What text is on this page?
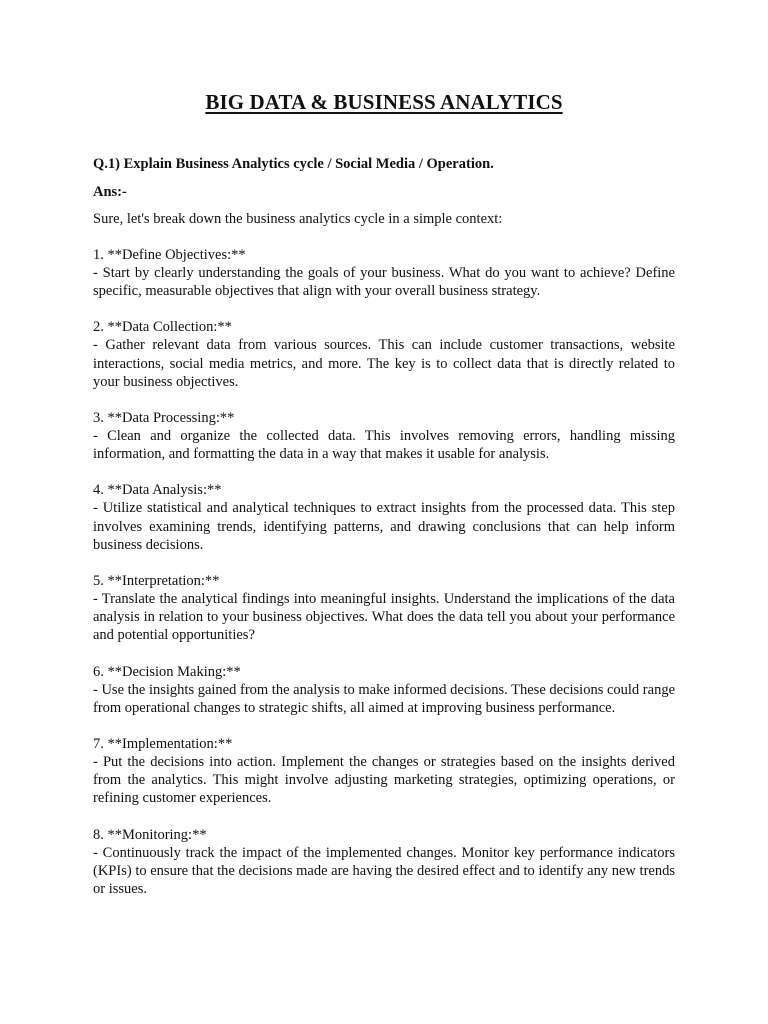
BIG DATA & BUSINESS ANALYTICS
Q.1) Explain Business Analytics cycle / Social Media / Operation.
Ans:-
Sure, let's break down the business analytics cycle in a simple context:
1. **Define Objectives:**
- Start by clearly understanding the goals of your business. What do you want to achieve? Define specific, measurable objectives that align with your overall business strategy.
2. **Data Collection:**
- Gather relevant data from various sources. This can include customer transactions, website interactions, social media metrics, and more. The key is to collect data that is directly related to your business objectives.
3. **Data Processing:**
- Clean and organize the collected data. This involves removing errors, handling missing information, and formatting the data in a way that makes it usable for analysis.
4. **Data Analysis:**
- Utilize statistical and analytical techniques to extract insights from the processed data. This step involves examining trends, identifying patterns, and drawing conclusions that can help inform business decisions.
5. **Interpretation:**
- Translate the analytical findings into meaningful insights. Understand the implications of the data analysis in relation to your business objectives. What does the data tell you about your performance and potential opportunities?
6. **Decision Making:**
- Use the insights gained from the analysis to make informed decisions. These decisions could range from operational changes to strategic shifts, all aimed at improving business performance.
7. **Implementation:**
- Put the decisions into action. Implement the changes or strategies based on the insights derived from the analytics. This might involve adjusting marketing strategies, optimizing operations, or refining customer experiences.
8. **Monitoring:**
- Continuously track the impact of the implemented changes. Monitor key performance indicators (KPIs) to ensure that the decisions made are having the desired effect and to identify any new trends or issues.
